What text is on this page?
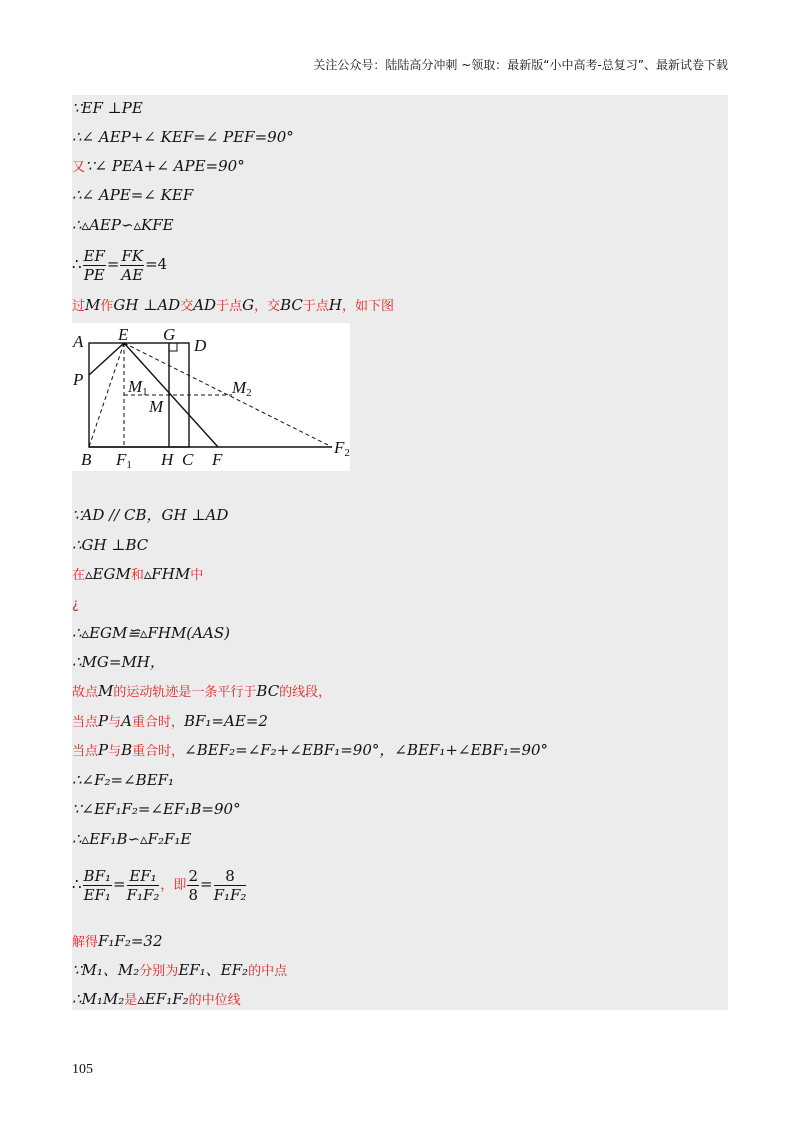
关注公众号：陆陆高分冲刺 ~领取：最新版“小中高考-总复习”、最新试卷下载
∵EF ⊥PE
∴∠ AEP+∠ KEF=∠ PEF=90°
又∵∠ PEA+∠ APE=90°
∴∠ APE=∠ KEF
∴▵AEP∽▵KFE
∴ $\frac{EF}{PE} = \frac{FK}{AE} =4$
过M作GH ⊥AD交AD于点G，交BC于点H，如下图
A E G
D
P	M1	M2
M
B F1 H C F
F2
∵AD // CB，GH ⊥AD
∴GH ⊥BC
在▵EGM和▵FHM中
¿
∴▵EGM≌▵FHM(AAS)
∴MG=MH，
故点M的运动轨迹是一条平行于BC的线段，
当点P与A重合时，BF₁=AE=2
当点P与B重合时，∠BEF₂=∠F₂+∠EBF₁=90°，∠BEF₁+∠EBF₁=90°
∴∠F₂=∠BEF₁
∵∠EF₁F₂=∠EF₁B=90°
∴▵EF₁B∽▵F₂F₁E
∴ $\frac{\text{BF₁}}{\text{EF₁}} = \frac{\text{EF₁}}{\text{F₁F₂}}$ ，即 $\frac{2}{8} = \frac{8}{\text{F₁F₂}}$
解得F₁F₂=32
∵M₁、M₂分别为EF₁、EF₂的中点
∴M₁M₂是▵EF₁F₂的中位线
105
